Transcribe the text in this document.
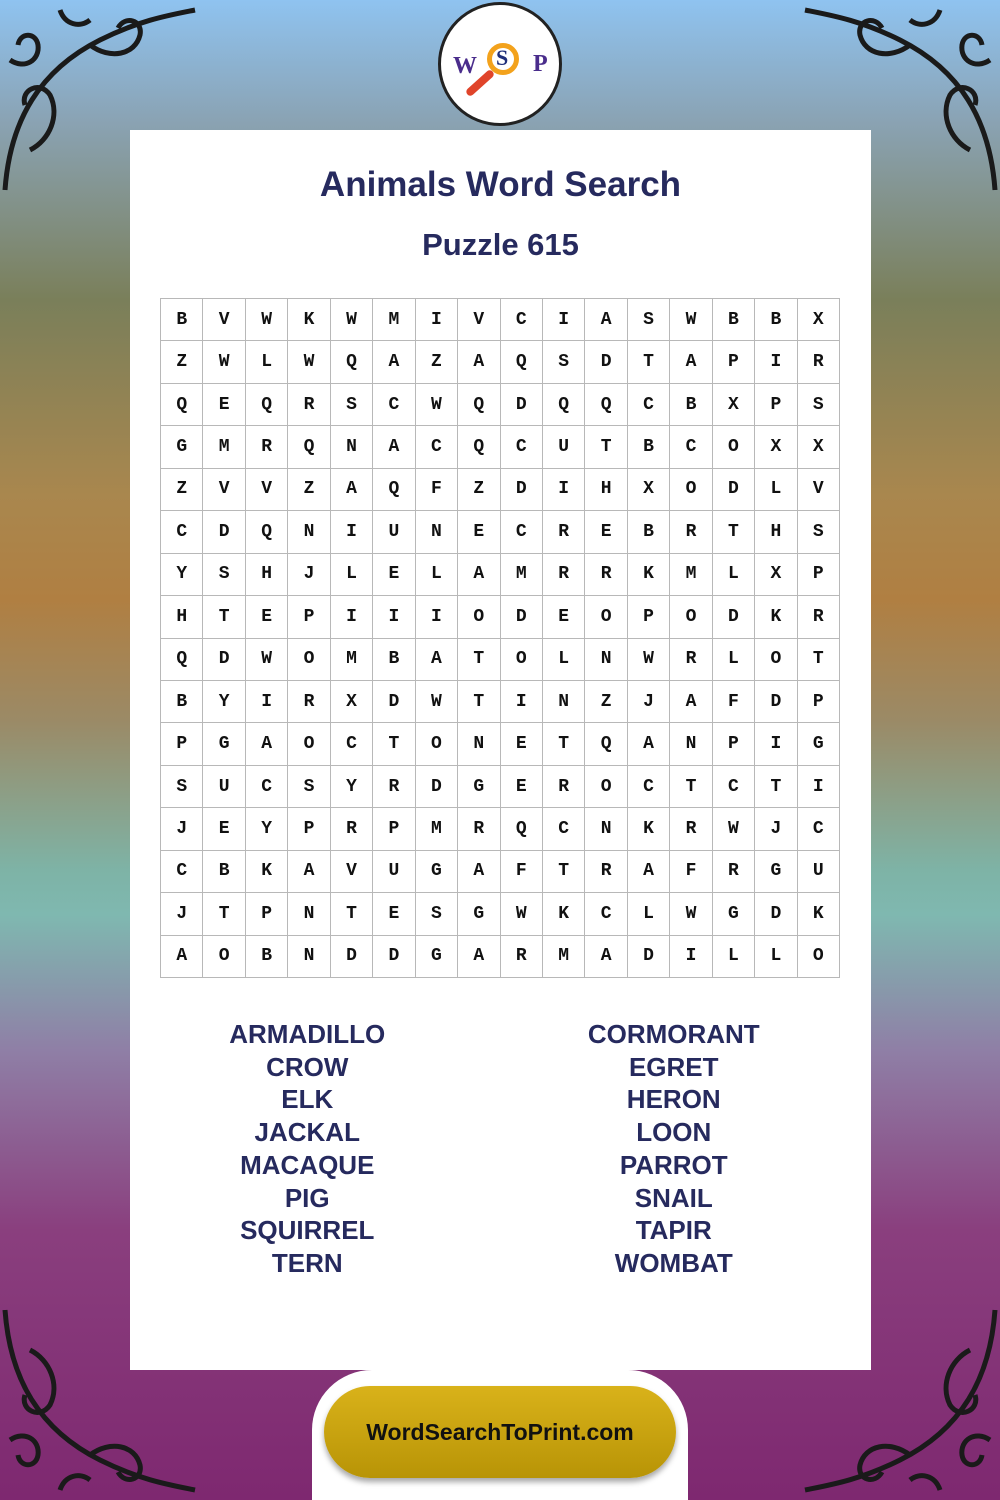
W S P
Animals Word Search
Puzzle 615
B	V	W	K	W	M	I	V	C	I	A	S	W	B	B	X
Z	W	L	W	Q	A	Z	A	Q	S	D	T	A	P	I	R
Q	E	Q	R	S	C	W	Q	D	Q	Q	C	B	X	P	S
G	M	R	Q	N	A	C	Q	C	U	T	B	C	O	X	X
Z	V	V	Z	A	Q	F	Z	D	I	H	X	O	D	L	V
C	D	Q	N	I	U	N	E	C	R	E	B	R	T	H	S
Y	S	H	J	L	E	L	A	M	R	R	K	M	L	X	P
H	T	E	P	I	I	I	O	D	E	O	P	O	D	K	R
Q	D	W	O	M	B	A	T	O	L	N	W	R	L	O	T
B	Y	I	R	X	D	W	T	I	N	Z	J	A	F	D	P
P	G	A	O	C	T	O	N	E	T	Q	A	N	P	I	G
S	U	C	S	Y	R	D	G	E	R	O	C	T	C	T	I
J	E	Y	P	R	P	M	R	Q	C	N	K	R	W	J	C
C	B	K	A	V	U	G	A	F	T	R	A	F	R	G	U
J	T	P	N	T	E	S	G	W	K	C	L	W	G	D	K
A	O	B	N	D	D	G	A	R	M	A	D	I	L	L	O
ARMADILLO
CROW
ELK
JACKAL
MACAQUE
PIG
SQUIRREL
TERN
CORMORANT
EGRET
HERON
LOON
PARROT
SNAIL
TAPIR
WOMBAT
WordSearchToPrint.com
